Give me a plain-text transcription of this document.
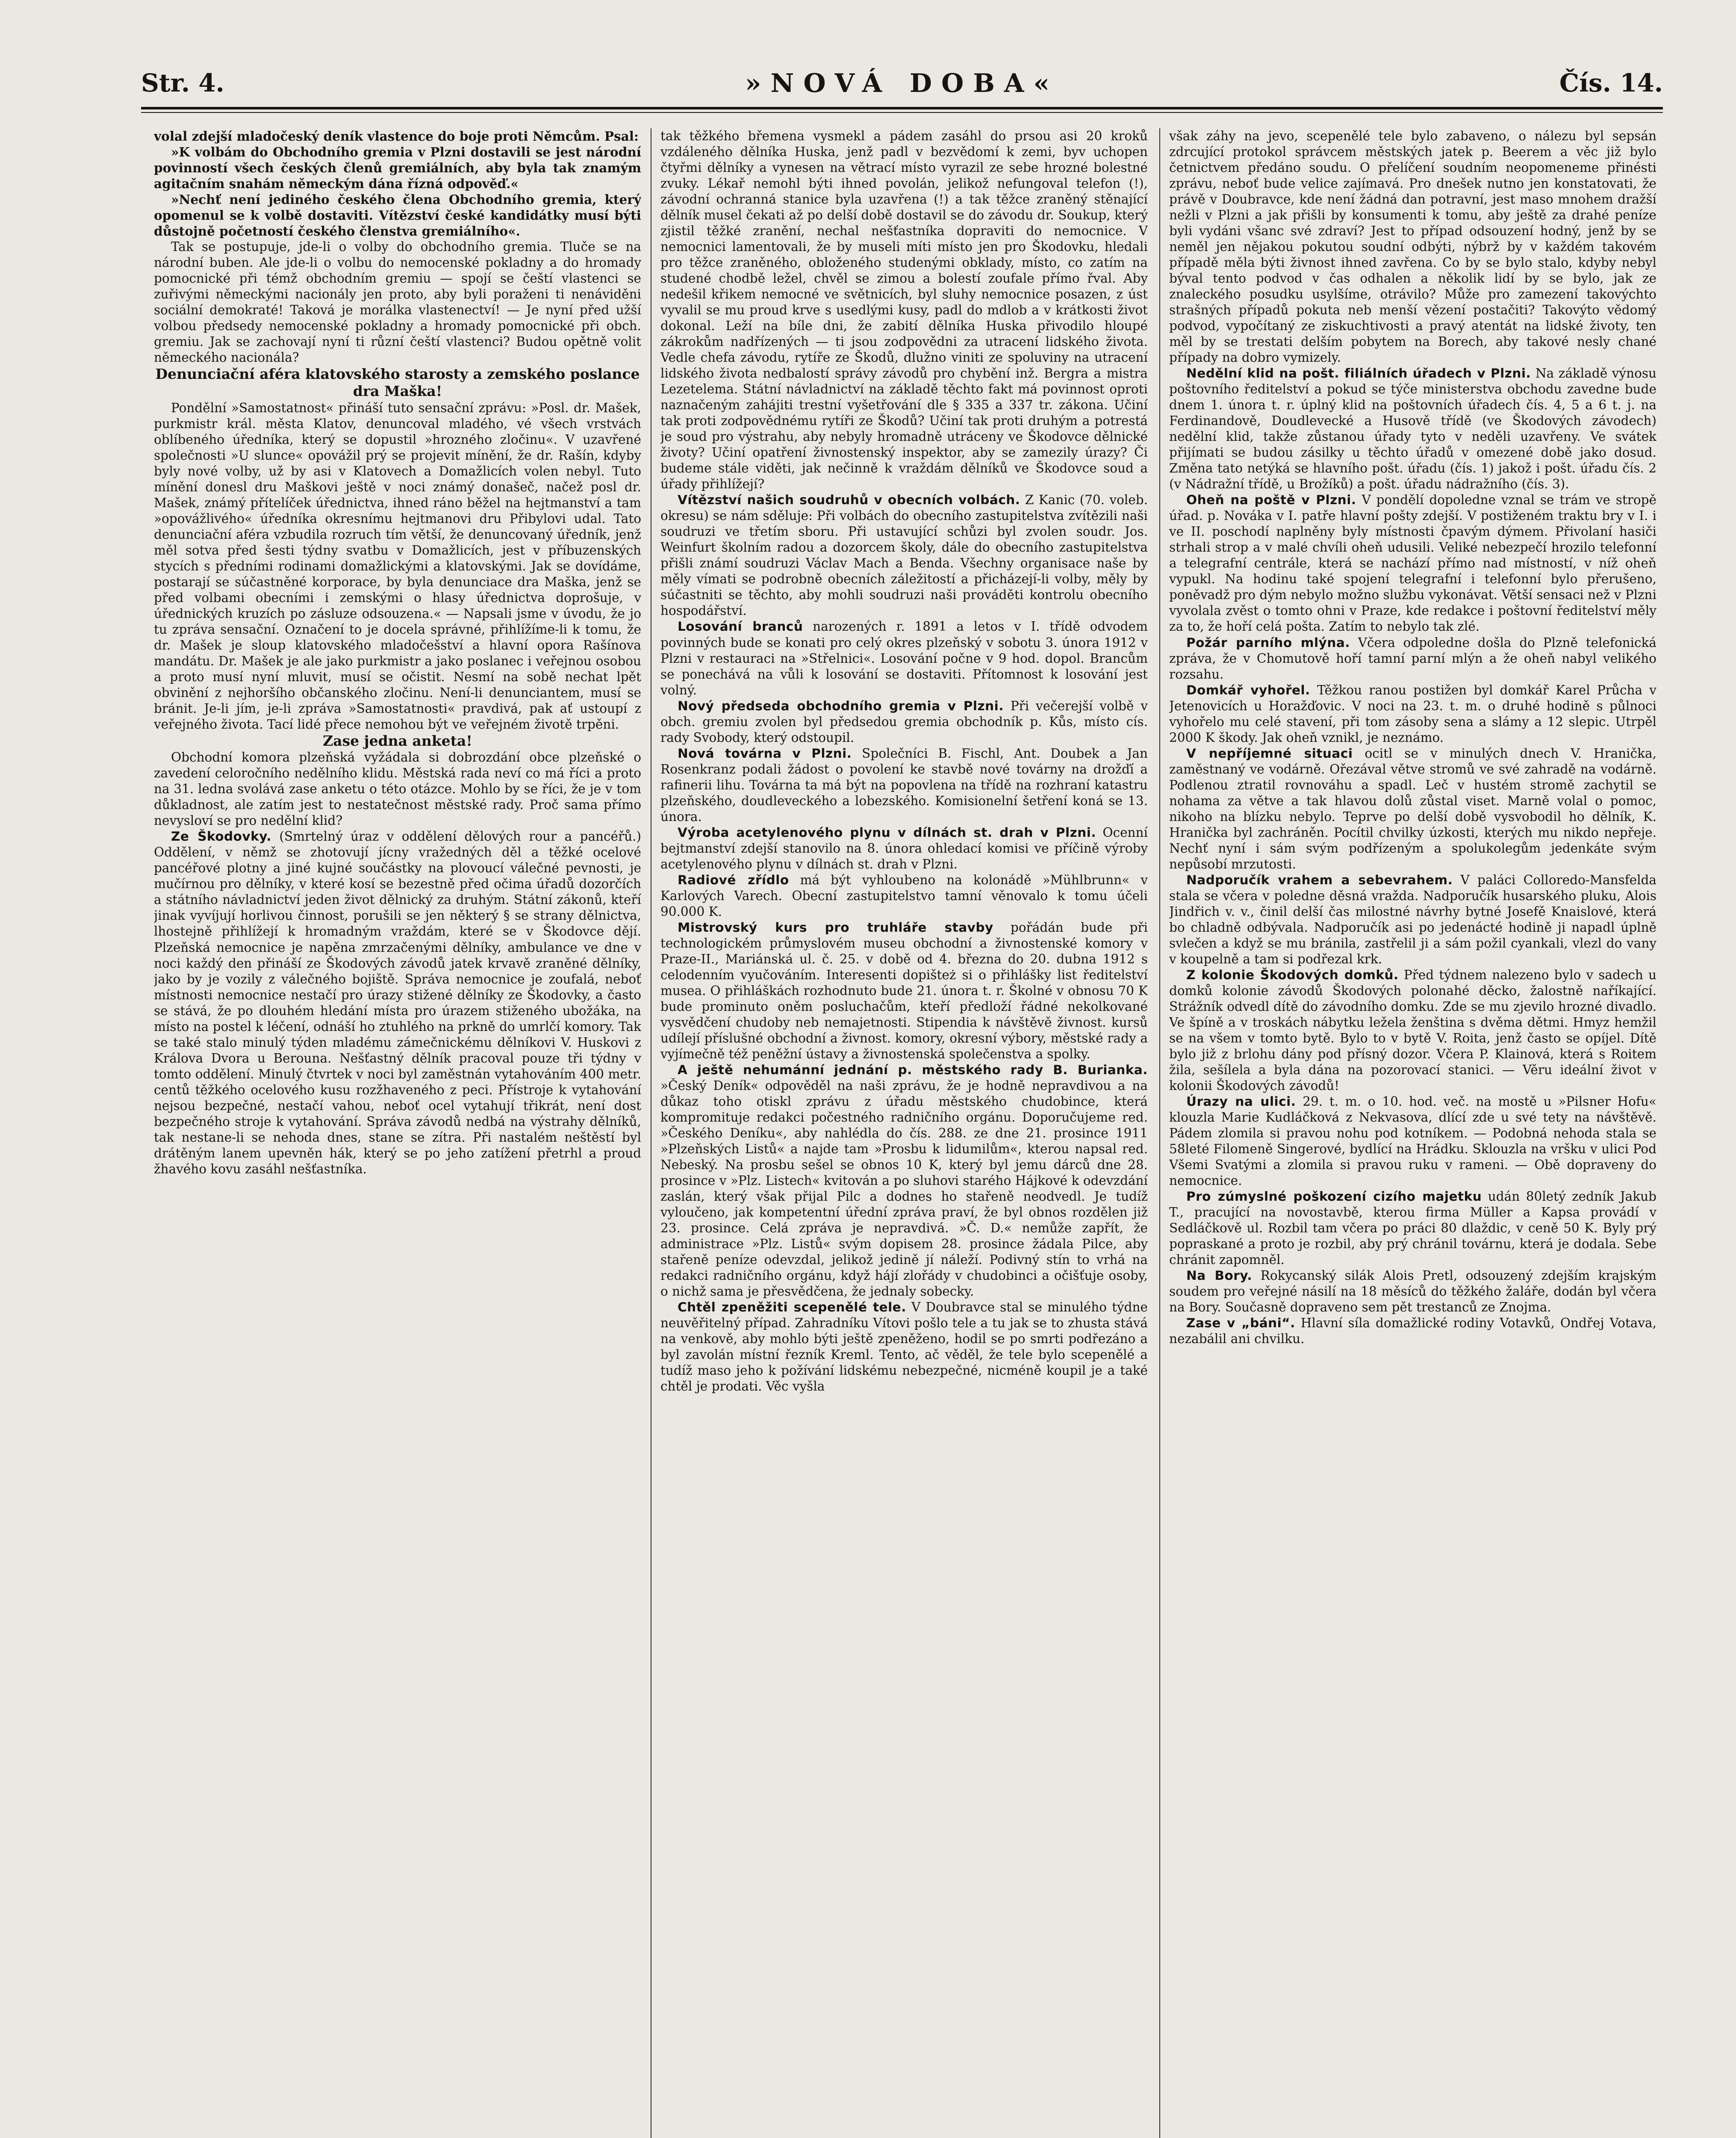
Str. 4.	»NOVÁ DOBA«	Čís. 14.

volal zdejší mladočeský deník vlastence do boje proti Němcům. Psal:

»K volbám do Obchodního gremia v Plzni dostavili se jest národní povinností všech českých členů gremiálních, aby byla tak znamým agitačním snahám německým dána řízná odpověď.«

»Nechť není jediného českého člena Obchodního gremia, který opomenul se k volbě dostaviti. Vítězství české kandidátky musí býti důstojně početností českého členstva gremiálního«.

Tak se postupuje, jde-li o volby do obchodního gremia. Tluče se na národní buben. Ale jde-li o volbu do nemocenské pokladny a do hromady pomocnické při témž obchodním gremiu — spojí se čeští vlastenci se zuřivými německými nacionály jen proto, aby byli poraženi ti nenáviděni sociální demokraté! Taková je morálka vlastenectví! — Je nyní před užší volbou předsedy nemocenské pokladny a hromady pomocnické při obch. gremiu. Jak se zachovají nyní ti různí čeští vlastenci? Budou opětně volit německého nacionála?

Denunciační aféra klatovského starosty a zemského poslance dra Maška!

Pondělní »Samostatnost« přináší tuto sensační zprávu: »Posl. dr. Mašek, purkmistr král. města Klatov, denuncoval mladého, vé všech vrstvách oblíbeného úředníka, který se dopustil »hrozného zločinu«. V uzavřené společnosti »U slunce« opovážil prý se projevit mínění, že dr. Rašín, kdyby byly nové volby, už by asi v Klatovech a Domažlicích volen nebyl. Tuto mínění donesl dru Maškovi ještě v noci známý donašeč, načež posl dr. Mašek, známý přítelíček úřednictva, ihned ráno běžel na hejtmanství a tam »opovážlivého« úředníka okresnímu hejtmanovi dru Přibylovi udal. Tato denunciační aféra vzbudila rozruch tím větší, že denuncovaný úředník, jenž měl sotva před šesti týdny svatbu v Domažlicích, jest v příbuzenských stycích s předními rodinami domažlickými a klatovskými. Jak se dovídáme, postarají se súčastněné korporace, by byla denunciace dra Maška, jenž se před volbami obecními i zemskými o hlasy úřednictva doprošuje, v úřednických kruzích po zásluze odsouzena.« — Napsali jsme v úvodu, že jo tu zpráva sensační. Označení to je docela správné, přihlížíme-li k tomu, že dr. Mašek je sloup klatovského mladočešství a hlavní opora Rašínova mandátu. Dr. Mašek je ale jako purkmistr a jako poslanec i veřejnou osobou a proto musí nyní mluvit, musí se očistit. Nesmí na sobě nechat lpět obvinění z nejhoršího občanského zločinu. Není-li denunciantem, musí se bránit. Je-li jím, je-li zpráva »Samostatnosti« pravdivá, pak ať ustoupí z veřejného života. Tací lidé přece nemohou být ve veřejném životě trpěni.

Zase jedna anketa!

Obchodní komora plzeňská vyžádala si dobrozdání obce plzeňské o zavedení celoročního nedělního klidu. Městská rada neví co má říci a proto na 31. ledna svolává zase anketu o této otázce. Mohlo by se říci, že je v tom důkladnost, ale zatím jest to nestatečnost městské rady. Proč sama přímo nevysloví se pro nedělní klid?

Ze Škodovky. (Smrtelný úraz v oddělení dělových rour a pancéřů.) Oddělení, v němž se zhotovují jícny vražedných děl a těžké ocelové pancéřové plotny a jiné kujné součástky na plovoucí válečné pevnosti, je mučírnou pro dělníky, v které kosí se bezestně před očima úřadů dozorčích a státního návladnictví jeden život dělnický za druhým. Státní zákonů, kteří jinak vyvíjují horlivou činnost, porušili se jen některý § se strany dělnictva, lhostejně přihlížejí k hromadným vraždám, které se v Škodovce dějí. Plzeňská nemocnice je napěna zmrzačenými dělníky, ambulance ve dne v noci každý den přináší ze Škodových závodů jatek krvavě zraněné dělníky, jako by je vozily z válečného bojiště. Správa nemocnice je zoufalá, neboť místnosti nemocnice nestačí pro úrazy stižené dělníky ze Škodovky, a často se stává, že po dlouhém hledání místa pro úrazem stiženého ubožáka, na místo na postel k léčení, odnáší ho ztuhlého na prkně do umrlčí komory. Tak se také stalo minulý týden mladému zámečnickému dělníkovi V. Huskovi z Králova Dvora u Berouna. Nešťastný dělník pracoval pouze tři týdny v tomto oddělení. Minulý čtvrtek v noci byl zaměstnán vytahováním 400 metr. centů těžkého ocelového kusu rozžhaveného z peci. Přístroje k vytahování nejsou bezpečné, nestačí vahou, neboť ocel vytahují třikrát, není dost bezpečného stroje k vytahování. Správa závodů nedbá na výstrahy dělníků, tak nestane-li se nehoda dnes, stane se zítra. Při nastalém neštěstí byl drátěným lanem upevněn hák, který se po jeho zatížení přetrhl a proud žhavého kovu zasáhl nešťastníka.

tak těžkého břemena vysmekl a pádem zasáhl do prsou asi 20 kroků vzdáleného dělníka Huska, jenž padl v bezvědomí k zemi, byv uchopen čtyřmi dělníky a vynesen na větrací místo vyrazil ze sebe hrozné bolestné zvuky. Lékař nemohl býti ihned povolán, jelikož nefungoval telefon (!), závodní ochranná stanice byla uzavřena (!) a tak těžce zraněný stěnající dělník musel čekati až po delší době dostavil se do závodu dr. Soukup, který zjistil těžké zranění, nechal nešťastníka dopraviti do nemocnice. V nemocnici lamentovali, že by museli míti místo jen pro Škodovku, hledali pro těžce zraněného, obloženého studenými obklady, místo, co zatím na studené chodbě ležel, chvěl se zimou a bolestí zoufale přímo řval. Aby nedešil křikem nemocné ve světnicích, byl sluhy nemocnice posazen, z úst vyvalil se mu proud krve s usedlými kusy, padl do mdlob a v krátkosti život dokonal. Leží na bíle dni, že zabití dělníka Huska přivodilo hloupé zákrokům nadřízených — ti jsou zodpovědni za utracení lidského života. Vedle chefa závodu, rytíře ze Škodů, dlužno viniti ze spoluviny na utracení lidského života nedbalostí správy závodů pro chybění inž. Bergra a mistra Lezetelema. Státní návladnictví na základě těchto fakt má povinnost oproti naznačeným zahájiti trestní vyšetřování dle § 335 a 337 tr. zákona. Učiní tak proti zodpovědnému rytíři ze Škodů? Učiní tak proti druhým a potrestá je soud pro výstrahu, aby nebyly hromadně utráceny ve Škodovce dělnické životy? Učiní opatření živnostenský inspektor, aby se zamezily úrazy? Či budeme stále viděti, jak nečinně k vraždám dělníků ve Škodovce soud a úřady přihlížejí?

Vítězství našich soudruhů v obecních volbách. Z Kanic (70. voleb. okresu) se nám sděluje: Při volbách do obecního zastupitelstva zvítězili naši soudruzi ve třetím sboru. Při ustavující schůzi byl zvolen soudr. Jos. Weinfurt školním radou a dozorcem školy, dále do obecního zastupitelstva přišli známí soudruzi Václav Mach a Benda. Všechny organisace naše by měly vímati se podrobně obecních záležitostí a přicházejí-li volby, měly by súčastniti se těchto, aby mohli soudruzi naši prováděti kontrolu obecního hospodářství.

Losování branců narozených r. 1891 a letos v I. třídě odvodem povinných bude se konati pro celý okres plzeňský v sobotu 3. února 1912 v Plzni v restauraci na »Střelnici«. Losování počne v 9 hod. dopol. Brancům se ponechává na vůli k losování se dostaviti. Přítomnost k losování jest volný.

Nový předseda obchodního gremia v Plzni. Při večerejší volbě v obch. gremiu zvolen byl předsedou gremia obchodník p. Kůs, místo cís. rady Svobody, který odstoupil.

Nová továrna v Plzni. Společníci B. Fischl, Ant. Doubek a Jan Rosenkranz podali žádost o povolení ke stavbě nové továrny na drožďí a rafinerii lihu. Továrna ta má být na popovlena na třídě na rozhraní katastru plzeňského, doudleveckého a lobezského. Komisionelní šetření koná se 13. února.

Výroba acetylenového plynu v dílnách st. drah v Plzni. Ocenní bejtmanství zdejší stanovilo na 8. února ohledací komisi ve příčině výroby acetylenového plynu v dílnách st. drah v Plzni.

Radiové zřídlo má být vyhloubeno na kolonádě »Mühlbrunn« v Karlových Varech. Obecní zastupitelstvo tamní věnovalo k tomu účeli 90.000 K.

Mistrovský kurs pro truhláře stavby pořádán bude při technologickém průmyslovém museu obchodní a živnostenské komory v Praze-II., Mariánská ul. č. 25. v době od 4. března do 20. dubna 1912 s celodenním vyučováním. Interesenti dopišteż si o přihlášky list ředitelství musea. O přihláškách rozhodnuto bude 21. února t. r. Školné v obnosu 70 K bude prominuto oněm posluchačům, kteří předloží řádné nekolkované vysvědčení chudoby neb nemajetnosti. Stipendia k návštěvě živnost. kursů udílejí příslušné obchodní a živnost. komory, okresní výbory, městské rady a vyjímečně též peněžní ústavy a živnostenská společenstva a spolky.

A ještě nehumánní jednání p. městského rady B. Burianka. »Český Deník« odpověděl na naši zprávu, že je hodně nepravdivou a na důkaz toho otiskl zprávu z úřadu městského chudobince, která kompromituje redakci počestného radničního orgánu. Doporučujeme red. »Českého Deníku«, aby nahlédla do čís. 288. ze dne 21. prosince 1911 »Plzeňských Listů« a najde tam »Prosbu k lidumilům«, kterou napsal red. Nebeský. Na prosbu sešel se obnos 10 K, který byl jemu dárců dne 28. prosince v »Plz. Listech« kvitován a po sluhovi starého Hájkové k odevzdání zaslán, který však přijal Pilc a dodnes ho stařeně neodvedl. Je tudíž vyloučeno, jak kompetentní úřední zpráva praví, že byl obnos rozdělen již 23. prosince. Celá zpráva je nepravdivá. »Č. D.« nemůže zapřít, že administrace »Plz. Listů« svým dopisem 28. prosince žádala Pilce, aby stařeně peníze odevzdal, jelikož jedině jí náleží. Podivný stín to vrhá na redakci radničního orgánu, když hájí zlořády v chudobinci a očišťuje osoby, o nichž sama je přesvědčena, že jednaly sobecky.

Chtěl zpeněžiti scepenělé tele. V Doubravce stal se minulého týdne neuvěřitelný případ. Zahradníku Vítovi pošlo tele a tu jak se to zhusta stává na venkově, aby mohlo býti ještě zpeněženo, hodil se po smrti podřezáno a byl zavolán místní řezník Kreml. Tento, ač věděl, že tele bylo scepenělé a tudíž maso jeho k požívání lidskému nebezpečné, nicméně koupil je a také chtěl je prodati. Věc vyšla

však záhy na jevo, scepenělé tele bylo zabaveno, o nálezu byl sepsán zdrcující protokol správcem městských jatek p. Beerem a věc již bylo četnictvem předáno soudu. O přelíčení soudním neopomeneme přinésti zprávu, neboť bude velice zajímavá. Pro dnešek nutno jen konstatovati, že právě v Doubravce, kde není žádná dan potravní, jest maso mnohem dražší nežli v Plzni a jak přišli by konsumenti k tomu, aby ještě za drahé peníze byli vydáni všanc své zdraví? Jest to případ odsouzení hodný, jenž by se neměl jen nějakou pokutou soudní odbýti, nýbrž by v každém takovém případě měla býti živnost ihned zavřena. Co by se bylo stalo, kdyby nebyl býval tento podvod v čas odhalen a několik lidí by se bylo, jak ze znaleckého posudku usylšíme, otrávilo? Může pro zamezení takovýchto strašných případů pokuta neb menší vězení postačiti? Takovýto vědomý podvod, vypočítaný ze ziskuchtivosti a pravý atentát na lidské životy, ten měl by se trestati delším pobytem na Borech, aby takové nesly chané případy na dobro vymizely.

Nedělní klid na pošt. filiálních úřadech v Plzni. Na základě výnosu poštovního ředitelství a pokud se týče ministerstva obchodu zavedne bude dnem 1. února t. r. úplný klid na poštovních úřadech čís. 4, 5 a 6 t. j. na Ferdinandově, Doudlevecké a Husově třídě (ve Škodových závodech) nedělní klid, takže zůstanou úřady tyto v neděli uzavřeny. Ve svátek přijímati se budou zásilky u těchto úřadů v omezené době jako dosud. Změna tato netýká se hlavního pošt. úřadu (čís. 1) jakož i pošt. úřadu čís. 2 (v Nádražní třídě, u Brožíků) a pošt. úřadu nádražního (čís. 3).

Oheň na poště v Plzni. V pondělí dopoledne vznal se trám ve stropě úřad. p. Nováka v I. patře hlavní pošty zdejší. V postiženém traktu bry v I. i ve II. poschodí naplněny byly místnosti čpavým dýmem. Přivolaní hasiči strhali strop a v malé chvíli oheň udusili. Veliké nebezpečí hrozilo telefonní a telegrafní centrále, která se nachází přímo nad místností, v níž oheň vypukl. Na hodinu také spojení telegrafní i telefonní bylo přerušeno, poněvadž pro dým nebylo možno službu vykonávat. Větší sensaci než v Plzni vyvolala zvěst o tomto ohni v Praze, kde redakce i poštovní ředitelství měly za to, že hoří celá pošta. Zatím to nebylo tak zlé.

Požár parního mlýna. Včera odpoledne došla do Plzně telefonická zpráva, že v Chomutově hoří tamní parní mlýn a že oheň nabyl velikého rozsahu.

Domkář vyhořel. Těžkou ranou postižen byl domkář Karel Průcha v Jetenovicích u Horažďovic. V noci na 23. t. m. o druhé hodině s půlnoci vyhořelo mu celé stavení, při tom zásoby sena a slámy a 12 slepic. Utrpěl 2000 K škody. Jak oheň vznikl, je neznámo.

V nepříjemné situaci ocitl se v minulých dnech V. Hranička, zaměstnaný ve vodárně. Ořezával větve stromů ve své zahradě na vodárně. Podlenou ztratil rovnováhu a spadl. Leč v hustém stromě zachytil se nohama za větve a tak hlavou dolů zůstal viset. Marně volal o pomoc, nikoho na blízku nebylo. Teprve po delší době vysvobodil ho dělník, K. Hranička byl zachráněn. Pocítil chvilky úzkosti, kterých mu nikdo nepřeje. Nechť nyní i sám svým podřízeným a spolukolegům jedenkáte svým nepůsobí mrzutosti.

Nadporučík vrahem a sebevrahem. V paláci Colloredo-Mansfelda stala se včera v poledne děsná vražda. Nadporučík husarského pluku, Alois Jindřich v. v., činil delší čas milostné návrhy bytné Josefě Knaislové, která bo chladně odbývala. Nadporučík asi po jedenácté hodině ji napadl úplně svlečen a když se mu bránila, zastřelil ji a sám požil cyankali, vlezl do vany v koupelně a tam si podřezal krk.

Z kolonie Škodových domků. Před týdnem nalezeno bylo v sadech u domků kolonie závodů Škodových polonahé děcko, žalostně naříkající. Strážník odvedl dítě do závodního domku. Zde se mu zjevilo hrozné divadlo. Ve špíně a v troskách nábytku ležela ženština s dvěma dětmi. Hmyz hemžil se na všem v tomto bytě. Bylo to v bytě V. Roita, jenž často se opíjel. Dítě bylo již z brlohu dány pod přísný dozor. Včera P. Klainová, která s Roitem žila, sešílela a byla dána na pozorovací stanici. — Věru ideální život v kolonii Škodových závodů!

Úrazy na ulici. 29. t. m. o 10. hod. več. na mostě u »Pilsner Hofu« klouzla Marie Kudláčková z Nekvasova, dlící zde u své tety na návštěvě. Pádem zlomila si pravou nohu pod kotníkem. — Podobná nehoda stala se 58leté Filomeně Singerové, bydlící na Hrádku. Sklouzla na vršku v ulici Pod Všemi Svatými a zlomila si pravou ruku v rameni. — Obě dopraveny do nemocnice.

Pro zúmyslné poškození cizího majetku udán 80letý zedník Jakub T., pracující na novostavbě, kterou firma Müller a Kapsa provádí v Sedláčkově ul. Rozbil tam včera po práci 80 dlaždic, v ceně 50 K. Byly prý popraskané a proto je rozbil, aby prý chránil továrnu, která je dodala. Sebe chránit zapomněl.

Na Bory. Rokycanský silák Alois Pretl, odsouzený zdejším krajským soudem pro veřejné násilí na 18 měsíců do těžkého žaláře, dodán byl včera na Bory. Současně dopraveno sem pět trestanců ze Znojma.

Zase v „báni“. Hlavní síla domažlické rodiny Votavků, Ondřej Votava, nezabálil ani chvilku.
